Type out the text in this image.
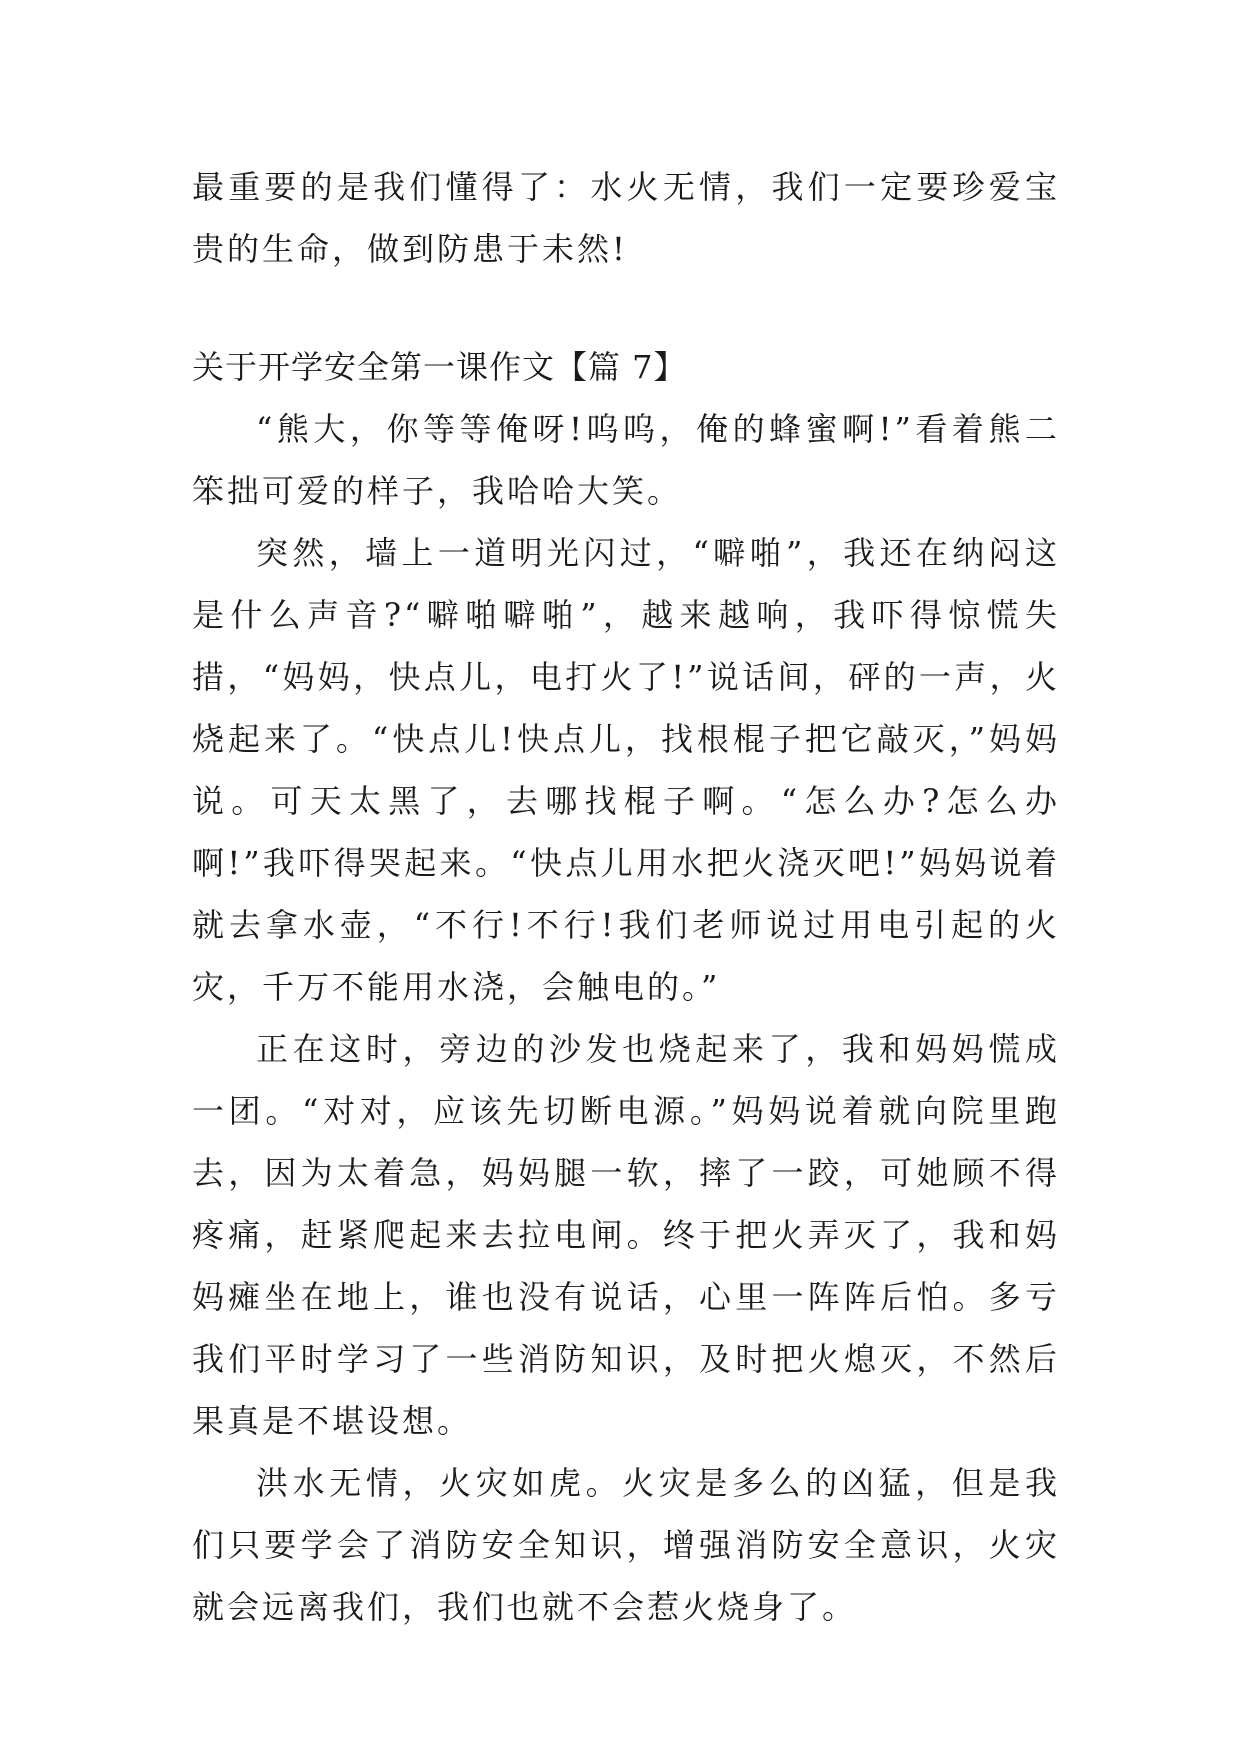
最重要的是我们懂得了：水火无情，我们一定要珍爱宝贵的生命，做到防患于未然!

关于开学安全第一课作文【篇 7】

“熊大，你等等俺呀!呜呜，俺的蜂蜜啊!”看着熊二笨拙可爱的样子，我哈哈大笑。

突然，墙上一道明光闪过，“噼啪”，我还在纳闷这是什么声音?“噼啪噼啪”，越来越响，我吓得惊慌失措，“妈妈，快点儿，电打火了!”说话间，砰的一声，火烧起来了。“快点儿!快点儿，找根棍子把它敲灭，”妈妈说。可天太黑了，去哪找棍子啊。“怎么办?怎么办啊!”我吓得哭起来。“快点儿用水把火浇灭吧!”妈妈说着就去拿水壶，“不行!不行!我们老师说过用电引起的火灾，千万不能用水浇，会触电的。”

正在这时，旁边的沙发也烧起来了，我和妈妈慌成一团。“对对，应该先切断电源。”妈妈说着就向院里跑去，因为太着急，妈妈腿一软，摔了一跤，可她顾不得疼痛，赶紧爬起来去拉电闸。终于把火弄灭了，我和妈妈瘫坐在地上，谁也没有说话，心里一阵阵后怕。多亏我们平时学习了一些消防知识，及时把火熄灭，不然后果真是不堪设想。

洪水无情，火灾如虎。火灾是多么的凶猛，但是我们只要学会了消防安全知识，增强消防安全意识，火灾就会远离我们，我们也就不会惹火烧身了。
